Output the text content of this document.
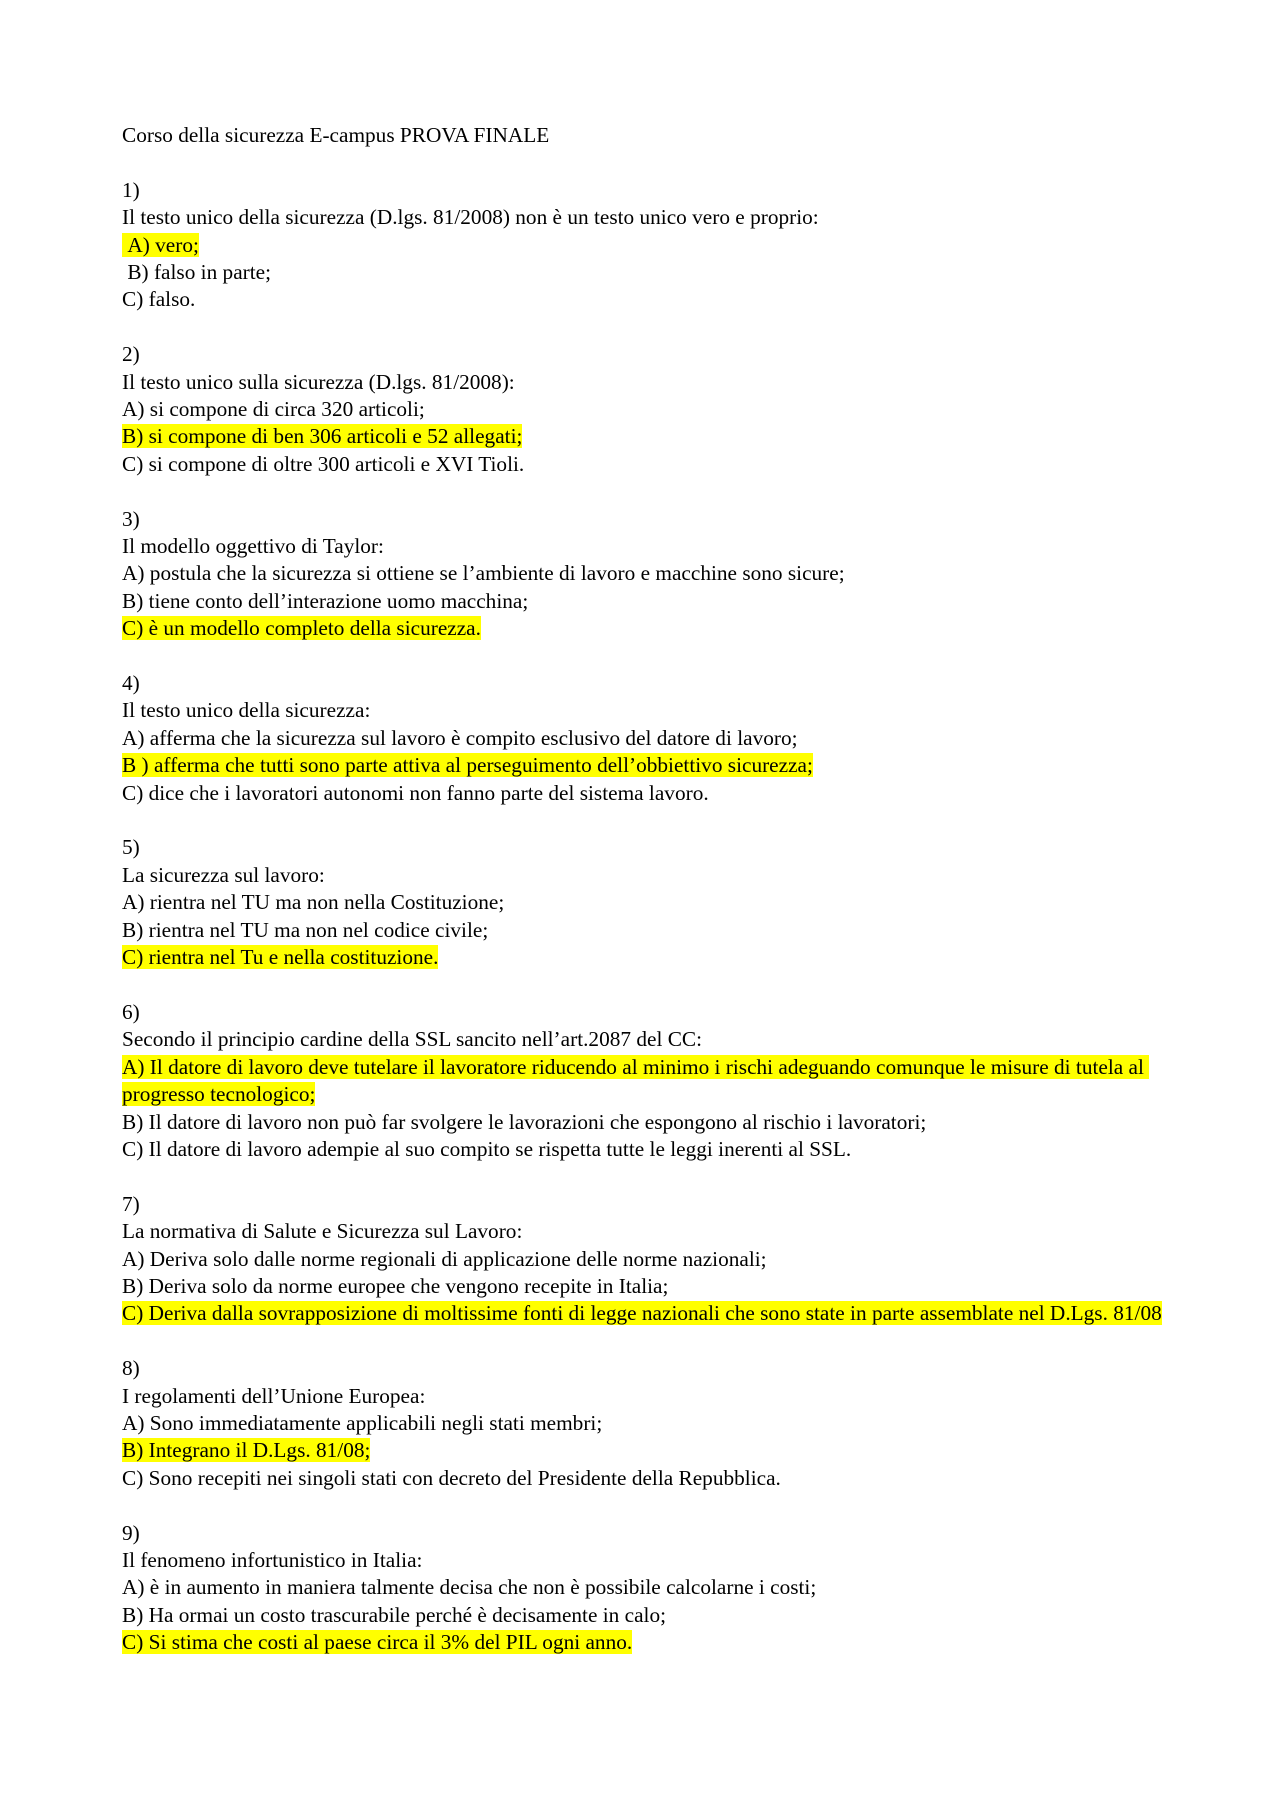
Corso della sicurezza E-campus PROVA FINALE
1)
Il testo unico della sicurezza (D.lgs. 81/2008) non è un testo unico vero e proprio:
A) vero;
B) falso in parte;
C) falso.
2)
Il testo unico sulla sicurezza (D.lgs. 81/2008):
A) si compone di circa 320 articoli;
B) si compone di ben 306 articoli e 52 allegati;
C) si compone di oltre 300 articoli e XVI Tioli.
3)
Il modello oggettivo di Taylor:
A) postula che la sicurezza si ottiene se l’ambiente di lavoro e macchine sono sicure;
B) tiene conto dell’interazione uomo macchina;
C) è un modello completo della sicurezza.
4)
Il testo unico della sicurezza:
A) afferma che la sicurezza sul lavoro è compito esclusivo del datore di lavoro;
B ) afferma che tutti sono parte attiva al perseguimento dell’obbiettivo sicurezza;
C) dice che i lavoratori autonomi non fanno parte del sistema lavoro.
5)
La sicurezza sul lavoro:
A) rientra nel TU ma non nella Costituzione;
B) rientra nel TU ma non nel codice civile;
C) rientra nel Tu e nella costituzione.
6)
Secondo il principio cardine della SSL sancito nell’art.2087 del CC:
A) Il datore di lavoro deve tutelare il lavoratore riducendo al minimo i rischi adeguando comunque le misure di tutela al progresso tecnologico;
B) Il datore di lavoro non può far svolgere le lavorazioni che espongono al rischio i lavoratori;
C) Il datore di lavoro adempie al suo compito se rispetta tutte le leggi inerenti al SSL.
7)
La normativa di Salute e Sicurezza sul Lavoro:
A) Deriva solo dalle norme regionali di applicazione delle norme nazionali;
B) Deriva solo da norme europee che vengono recepite in Italia;
C) Deriva dalla sovrapposizione di moltissime fonti di legge nazionali che sono state in parte assemblate nel D.Lgs. 81/08
8)
I regolamenti dell’Unione Europea:
A) Sono immediatamente applicabili negli stati membri;
B) Integrano il D.Lgs. 81/08;
C) Sono recepiti nei singoli stati con decreto del Presidente della Repubblica.
9)
Il fenomeno infortunistico in Italia:
A) è in aumento in maniera talmente decisa che non è possibile calcolarne i costi;
B) Ha ormai un costo trascurabile perché è decisamente in calo;
C) Si stima che costi al paese circa il 3% del PIL ogni anno.
